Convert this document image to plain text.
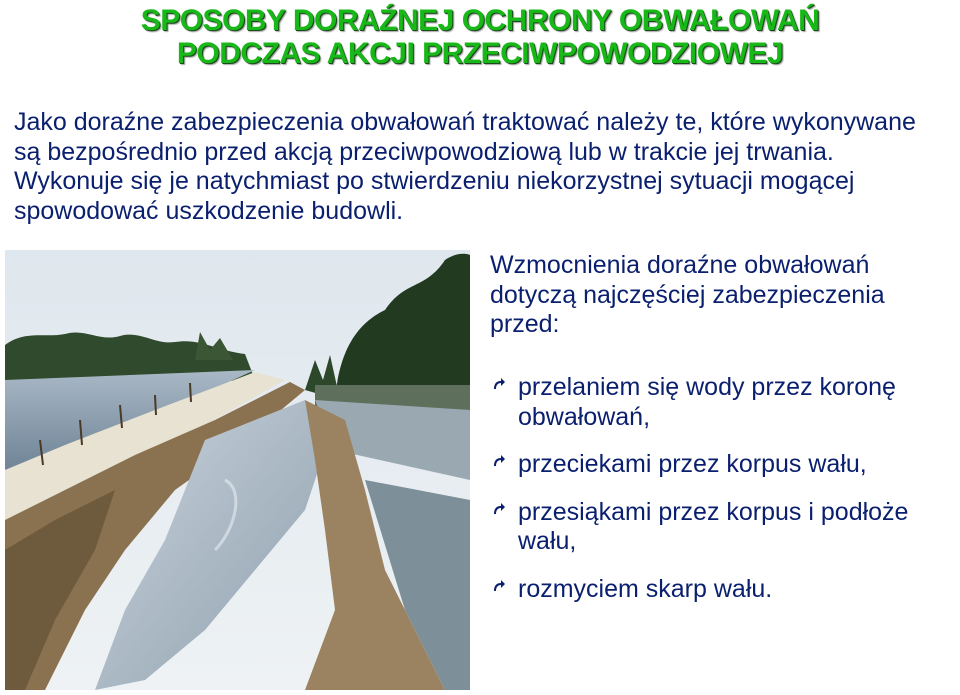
SPOSOBY DORAŹNEJ OCHRONY OBWAŁOWAŃ
PODCZAS AKCJI PRZECIWPOWODZIOWEJ

Jako doraźne zabezpieczenia obwałowań traktować należy te, które wykonywane są bezpośrednio przed akcją przeciwpowodziową lub w trakcie jej trwania. Wykonuje się je natychmiast po stwierdzeniu niekorzystnej sytuacji mogącej spowodować uszkodzenie budowli.

Wzmocnienia doraźne obwałowań dotyczą najczęściej zabezpieczenia przed:

przelaniem się wody przez koronę obwałowań,
przeciekami przez korpus wału,
przesiąkami przez korpus i podłoże wału,
rozmyciem skarp wału.
